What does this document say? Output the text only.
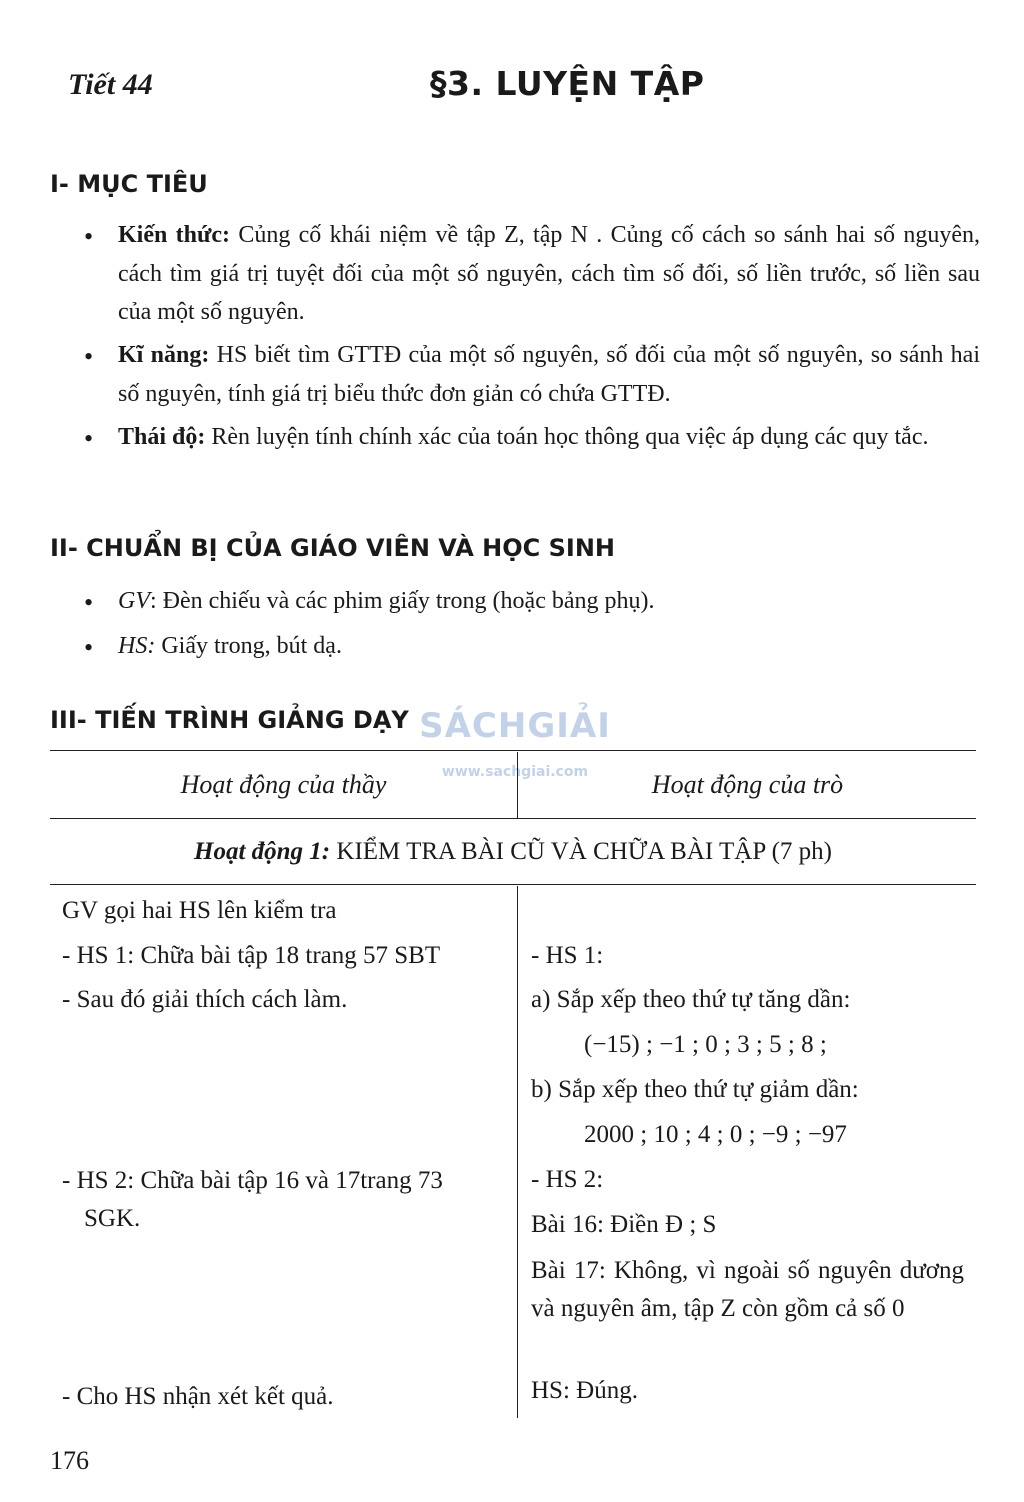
Tiết 44	§3. LUYỆN TẬP
I- MỤC TIÊU
• Kiến thức: Củng cố khái niệm về tập Z, tập N . Củng cố cách so sánh hai số nguyên, cách tìm giá trị tuyệt đối của một số nguyên, cách tìm số đối, số liền trước, số liền sau của một số nguyên.
• Kĩ năng: HS biết tìm GTTĐ của một số nguyên, số đối của một số nguyên, so sánh hai số nguyên, tính giá trị biểu thức đơn giản có chứa GTTĐ.
• Thái độ: Rèn luyện tính chính xác của toán học thông qua việc áp dụng các quy tắc.
II- CHUẨN BỊ CỦA GIÁO VIÊN VÀ HỌC SINH
• GV: Đèn chiếu và các phim giấy trong (hoặc bảng phụ).
• HS: Giấy trong, bút dạ.
III- TIẾN TRÌNH GIẢNG DẠY SÁCHGIẢI
www.sachgiai.com
Hoạt động của thầy	Hoạt động của trò
Hoạt động 1: KIỂM TRA BÀI CŨ VÀ CHỮA BÀI TẬP (7 ph)
GV gọi hai HS lên kiểm tra
- HS 1: Chữa bài tập 18 trang 57 SBT
- Sau đó giải thích cách làm.
- HS 2: Chữa bài tập 16 và 17trang 73
SGK.
- Cho HS nhận xét kết quả.
- HS 1:
a) Sắp xếp theo thứ tự tăng dần:
(−15) ; −1 ; 0 ; 3 ; 5 ; 8 ;
b) Sắp xếp theo thứ tự giảm dần:
2000 ; 10 ; 4 ; 0 ; −9 ; −97
- HS 2:
Bài 16: Điền Đ ; S
Bài 17: Không, vì ngoài số nguyên dương và nguyên âm, tập Z còn gồm cả số 0
HS: Đúng.
176
